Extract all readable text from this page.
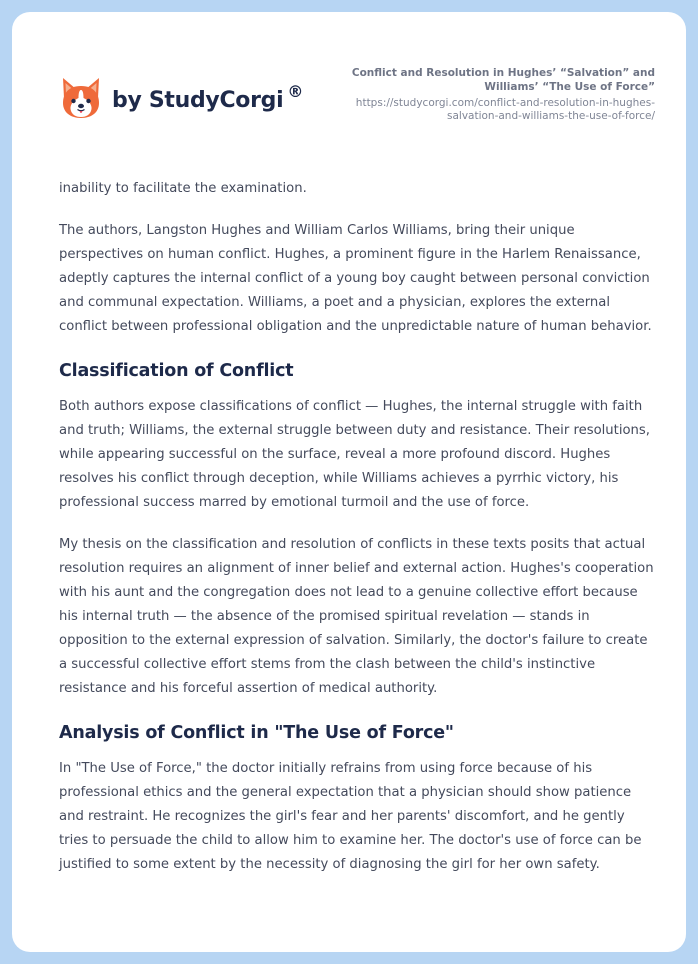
by StudyCorgi ®
Conflict and Resolution in Hughes’ “Salvation” and Williams’ “The Use of Force”
https://studycorgi.com/conflict-and-resolution-in-hughes-salvation-and-williams-the-use-of-force/

inability to facilitate the examination.

The authors, Langston Hughes and William Carlos Williams, bring their unique perspectives on human conflict. Hughes, a prominent figure in the Harlem Renaissance, adeptly captures the internal conflict of a young boy caught between personal conviction and communal expectation. Williams, a poet and a physician, explores the external conflict between professional obligation and the unpredictable nature of human behavior.

Classification of Conflict

Both authors expose classifications of conflict — Hughes, the internal struggle with faith and truth; Williams, the external struggle between duty and resistance. Their resolutions, while appearing successful on the surface, reveal a more profound discord. Hughes resolves his conflict through deception, while Williams achieves a pyrrhic victory, his professional success marred by emotional turmoil and the use of force.

My thesis on the classification and resolution of conflicts in these texts posits that actual resolution requires an alignment of inner belief and external action. Hughes's cooperation with his aunt and the congregation does not lead to a genuine collective effort because his internal truth — the absence of the promised spiritual revelation — stands in opposition to the external expression of salvation. Similarly, the doctor's failure to create a successful collective effort stems from the clash between the child's instinctive resistance and his forceful assertion of medical authority.

Analysis of Conflict in "The Use of Force"

In "The Use of Force," the doctor initially refrains from using force because of his professional ethics and the general expectation that a physician should show patience and restraint. He recognizes the girl's fear and her parents' discomfort, and he gently tries to persuade the child to allow him to examine her. The doctor's use of force can be justified to some extent by the necessity of diagnosing the girl for her own safety.
